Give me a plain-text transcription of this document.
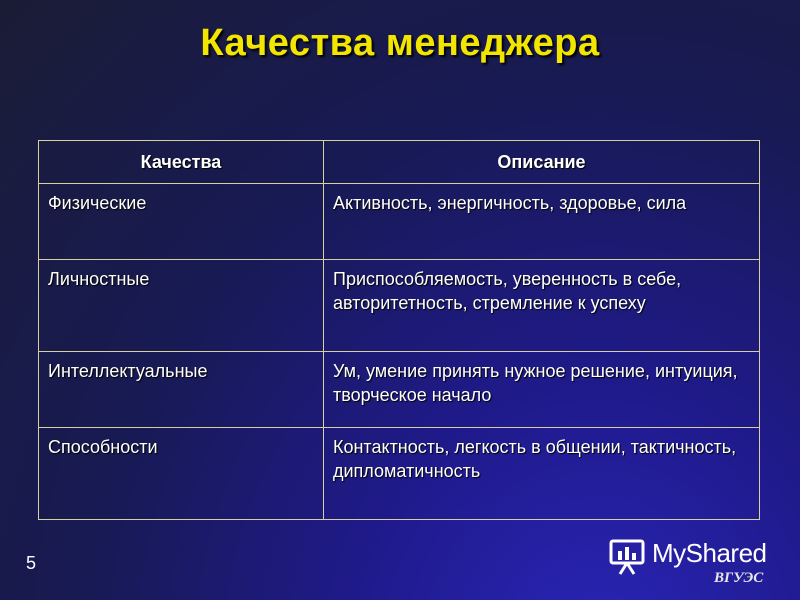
Качества менеджера
Качества	Описание
Физические	Активность, энергичность, здоровье, сила
Личностные	Приспособляемость, уверенность в себе, авторитетность, стремление к успеху
Интеллектуальные	Ум, умение принять нужное решение, интуиция, творческое начало
Способности	Контактность, легкость в общении, тактичность, дипломатичность
5	MyShared
ВГУЭС
